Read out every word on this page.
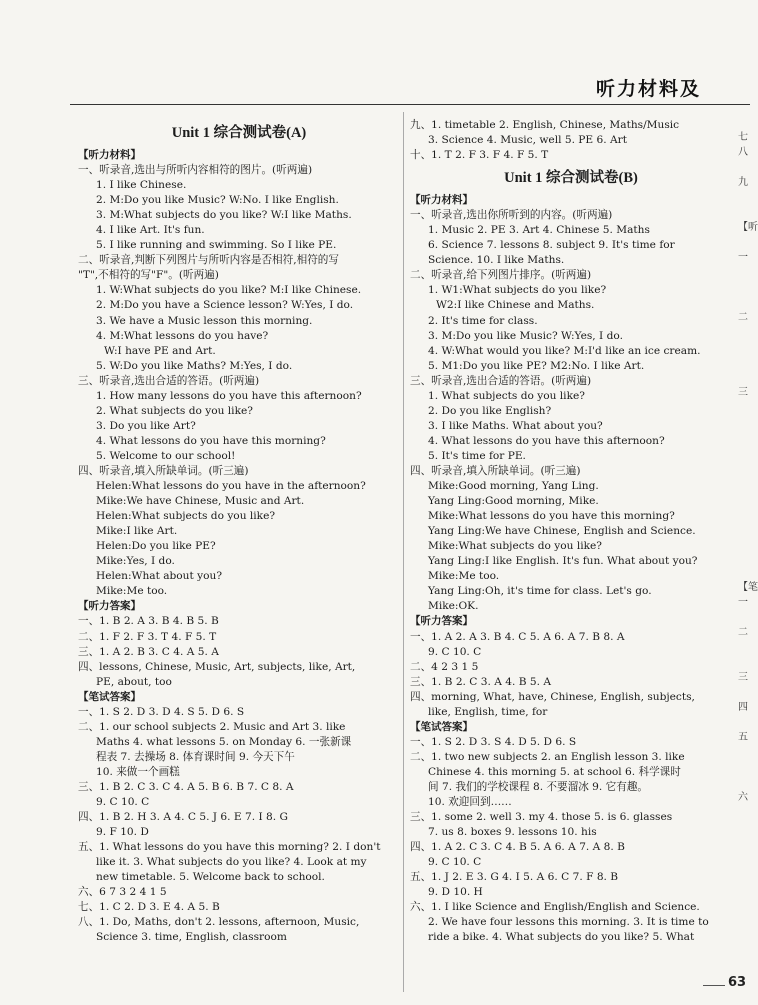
听力材料及
Unit 1 综合测试卷(A)
【听力材料】
一、听录音,选出与所听内容相符的图片。(听两遍)
1. I like Chinese.
2. M:Do you like Music? W:No. I like English.
3. M:What subjects do you like? W:I like Maths.
4. I like Art. It's fun.
5. I like running and swimming. So I like PE.
二、听录音,判断下列图片与所听内容是否相符,相符的写
"T",不相符的写"F"。(听两遍)
1. W:What subjects do you like? M:I like Chinese.
2. M:Do you have a Science lesson? W:Yes, I do.
3. We have a Music lesson this morning.
4. M:What lessons do you have?
W:I have PE and Art.
5. W:Do you like Maths? M:Yes, I do.
三、听录音,选出合适的答语。(听两遍)
1. How many lessons do you have this afternoon?
2. What subjects do you like?
3. Do you like Art?
4. What lessons do you have this morning?
5. Welcome to our school!
四、听录音,填入所缺单词。(听三遍)
Helen:What lessons do you have in the afternoon?
Mike:We have Chinese, Music and Art.
Helen:What subjects do you like?
Mike:I like Art.
Helen:Do you like PE?
Mike:Yes, I do.
Helen:What about you?
Mike:Me too.
【听力答案】
一、1. B 2. A 3. B 4. B 5. B
二、1. F 2. F 3. T 4. F 5. T
三、1. A 2. B 3. C 4. A 5. A
四、lessons, Chinese, Music, Art, subjects, like, Art,
PE, about, too
【笔试答案】
一、1. S 2. D 3. D 4. S 5. D 6. S
二、1. our school subjects 2. Music and Art 3. like
Maths 4. what lessons 5. on Monday 6. 一张新课
程表 7. 去操场 8. 体育课时间 9. 今天下午
10. 来做一个画糕
三、1. B 2. C 3. C 4. A 5. B 6. B 7. C 8. A
9. C 10. C
四、1. B 2. H 3. A 4. C 5. J 6. E 7. I 8. G
9. F 10. D
五、1. What lessons do you have this morning? 2. I don't
like it. 3. What subjects do you like? 4. Look at my
new timetable. 5. Welcome back to school.
六、6 7 3 2 4 1 5
七、1. C 2. D 3. E 4. A 5. B
八、1. Do, Maths, don't 2. lessons, afternoon, Music,
Science 3. time, English, classroom
九、1. timetable 2. English, Chinese, Maths/Music
3. Science 4. Music, well 5. PE 6. Art
十、1. T 2. F 3. F 4. F 5. T
Unit 1 综合测试卷(B)
【听力材料】
一、听录音,选出你所听到的内容。(听两遍)
1. Music 2. PE 3. Art 4. Chinese 5. Maths
6. Science 7. lessons 8. subject 9. It's time for
Science. 10. I like Maths.
二、听录音,给下列图片排序。(听两遍)
1. W1:What subjects do you like?
W2:I like Chinese and Maths.
2. It's time for class.
3. M:Do you like Music? W:Yes, I do.
4. W:What would you like? M:I'd like an ice cream.
5. M1:Do you like PE? M2:No. I like Art.
三、听录音,选出合适的答语。(听两遍)
1. What subjects do you like?
2. Do you like English?
3. I like Maths. What about you?
4. What lessons do you have this afternoon?
5. It's time for PE.
四、听录音,填入所缺单词。(听三遍)
Mike:Good morning, Yang Ling.
Yang Ling:Good morning, Mike.
Mike:What lessons do you have this morning?
Yang Ling:We have Chinese, English and Science.
Mike:What subjects do you like?
Yang Ling:I like English. It's fun. What about you?
Mike:Me too.
Yang Ling:Oh, it's time for class. Let's go.
Mike:OK.
【听力答案】
一、1. A 2. A 3. B 4. C 5. A 6. A 7. B 8. A
9. C 10. C
二、4 2 3 1 5
三、1. B 2. C 3. A 4. B 5. A
四、morning, What, have, Chinese, English, subjects,
like, English, time, for
【笔试答案】
一、1. S 2. D 3. S 4. D 5. D 6. S
二、1. two new subjects 2. an English lesson 3. like
Chinese 4. this morning 5. at school 6. 科学课时
间 7. 我们的学校课程 8. 不要溜冰 9. 它有趣。
10. 欢迎回到……
三、1. some 2. well 3. my 4. those 5. is 6. glasses
7. us 8. boxes 9. lessons 10. his
四、1. A 2. C 3. C 4. B 5. A 6. A 7. A 8. B
9. C 10. C
五、1. J 2. E 3. G 4. I 5. A 6. C 7. F 8. B
9. D 10. H
六、1. I like Science and English/English and Science.
2. We have four lessons this morning. 3. It is time to
ride a bike. 4. What subjects do you like? 5. What
七
八
九
【听
一
二
三
【笔
一
二
三
四
五
六
63
